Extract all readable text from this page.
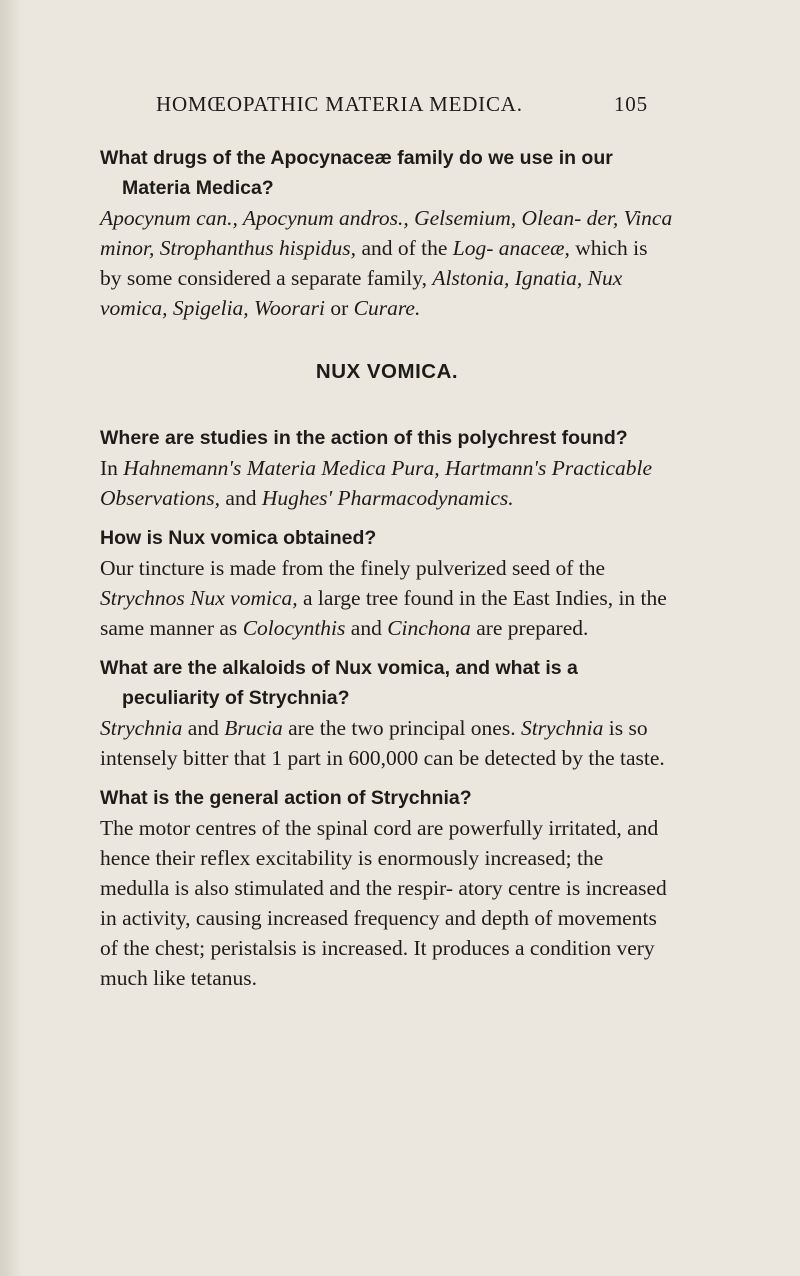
HOMŒOPATHIC MATERIA MEDICA.	105

What drugs of the Apocynaceæ family do we use in our Materia Medica?

Apocynum can., Apocynum andros., Gelsemium, Olean- der, Vinca minor, Strophanthus hispidus, and of the Log- anaceæ, which is by some considered a separate family, Alstonia, Ignatia, Nux vomica, Spigelia, Woorari or Curare.

NUX VOMICA.

Where are studies in the action of this polychrest found?

In Hahnemann's Materia Medica Pura, Hartmann's Practicable Observations, and Hughes' Pharmacodynamics.

How is Nux vomica obtained?

Our tincture is made from the finely pulverized seed of the Strychnos Nux vomica, a large tree found in the East Indies, in the same manner as Colocynthis and Cinchona are prepared.

What are the alkaloids of Nux vomica, and what is a peculiarity of Strychnia?

Strychnia and Brucia are the two principal ones. Strychnia is so intensely bitter that 1 part in 600,000 can be detected by the taste.

What is the general action of Strychnia?

The motor centres of the spinal cord are powerfully irritated, and hence their reflex excitability is enormously increased; the medulla is also stimulated and the respir- atory centre is increased in activity, causing increased frequency and depth of movements of the chest; peristalsis is increased. It produces a condition very much like tetanus.
